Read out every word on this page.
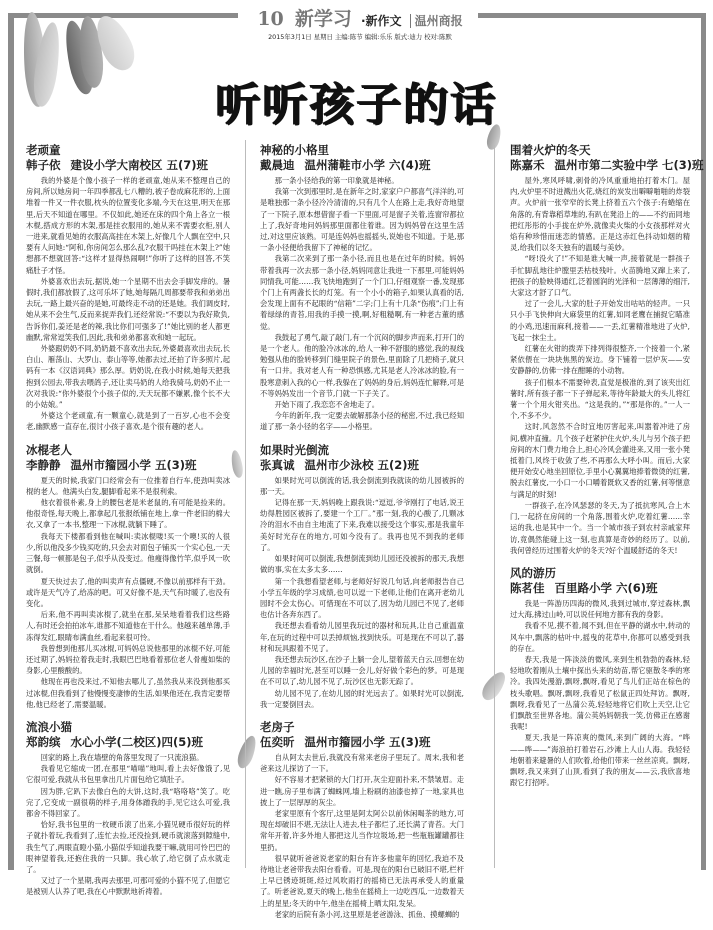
10 新学习 ·新作文 温州商报
2015年3月1日 星期日 主编:陈节 编辑:乐乐 版式:迪力 校对:陈默
听听孩子的话
老顽童
韩子依 建设小学大南校区 五(7)班

我的外婆是个像小孩子一样的老顽童,她从来不整理自己的房间,所以她房间一年四季都乱七八糟的,被子卷成麻花形的,上面堆着一件又一件衣服,枕头的位置变化多端,今天在这里,明天在那里,后天不知道在哪里。不仅如此,她还在床的四个角上各立一根木棍,搭成方形的木架,那是挂衣服用的,她从来不需要衣柜,别人一进来,就看见她的衣服高高挂在木架上,好像几个人飘在空中,只要有人问她:“阿和,你房间怎么那么乱?衣服干吗挂在木架上?”她想都不想就回答:“这样才显得热闹啊!”你听了这样的回答,不笑痛肚子才怪。

外婆喜欢出去玩,据说,她一个星期不出去会手脚发痒的。暑假时,我们都放假了,这可乐坏了她,她每隔几周都要带我和弟弟出去玩,一路上最兴奋的是她,可最终走不动的还是她。我们调皮时,她从来不会生气,反而来捉弄我们,还经常说:“不要以为我好欺负,告诉你们,姜还是老的辣,我比你们可强多了!”她比别的老人都更幽默,常常逗笑我们,因此,我和弟弟都喜欢和她一起玩。

外婆跟奶奶不同,奶奶最不喜欢出去玩,外婆最喜欢出去玩,长白山、雁荡山、大罗山、泰山等等,她都去过,还拍了许多照片,起码有一本《汉语词典》那么厚。奶奶说,在我小时候,她每天把我抱到公园去,带我去喂鸽子,还让卖马奶的人给我骑马,奶奶不止一次对我说:“你外婆很个小孩子似的,天天玩都不嫌累,像个长不大的小姑娘。”

外婆这个老顽童,有一颗童心,就是到了一百岁,心也不会变老,幽默感一直存在,很讨小孩子喜欢,是个很有趣的老人。

冰棍老人
李静静 温州市籀园小学 五(3)班

夏天的时候,我家门口经常会有一位推着自行车,使劲叫卖冰棍的老人。他满头白发,腿脚看起来不是很利索。

他衣着很朴素,身上的腰包老是米老鼠的,有可能是捡来的。他很奇怪,每天晚上,都拿起几张报纸铺在地上,拿一件老旧的棉大衣,又拿了一本书,整理一下冰棍,就躺下睡了。

我每天下楼都看到他在喊叫:卖冰棍喽!买一个噢!买的人很少,所以他没多少钱买吃的,只会去对面包子铺买一个实心包,一天三餐,每一顿都是包子,似乎从没变过。他瘦得像竹竿,似乎风一吹就倒。

夏天快过去了,他的叫卖声有点僵硬,不像以前那样有干劲。或许是天气冷了,给冻的吧。可又好像不是,天气有时暖了,也没有变化。

后来,他不再叫卖冰棍了,就坐在那,呆呆地看着我们这些路人,有时还会拍拍冰车,谁都不知道他在干什么。他越来越单薄,手冻得发红,眼睛布满血丝,看起来很可怜。

我曾想到他那儿买冰棍,可妈妈总说他那里的冰棍不好,可能还过期了,妈妈拉着我走时,我眼巴巴地看着那位老人骨瘦如柴的身影,心里酸酸的。

他现在再也没来过,不知他去哪儿了,虽然我从来没到他那买过冰棍,但我看到了他慢慢变凄惨的生活,如果他还在,我肯定要帮他,他已经老了,需要温暖。

流浪小猫
郑韵缤 水心小学(二校区)四(5)班

回家的路上,我在墙壁的角落里发现了一只流浪猫。

我看见它缩成一团,在那里“喵喵”地叫,看上去好像饿了,见它很可爱,我就从书包里拿出几片面包给它填肚子。

因为胖,它趴下去像白色的大饼,这时,我“咯咯咯”笑了。吃完了,它变成一副很萌的样子,用身体蹭我的手,见它这么可爱,我都舍不得回家了。

恰好,我书包里的一枚硬币滚了出来,小猫见硬币很好玩的样子就扑着玩,我看到了,连忙去捡,还没捡到,硬币就滚落到隙缝中,我生气了,两眼直瞪小猫,小猫似乎知道我要干嘛,就用可怜巴巴的眼神望着我,还抱住我的一只脚。我心软了,给它倒了点水就走了。

又过了一个星期,我再去那里,可那可爱的小猫不见了,但愿它是被别人认养了吧,我在心中默默地祈祷着。

神秘的小格里
戴晨迪 温州蒲鞋市小学 六(4)班

那一条小径给我的第一印象就是神秘。

我第一次到那里时,是在新年之时,家家户户都喜气洋洋的,可是唯独那一条小径冷冷清清的,只有几个人在路上走,我好奇地望了一下院子,原本想借窗子看一下里面,可是窗子关着,连窗帘都拉上了,我好奇地问妈妈那里面都住着谁。因为妈妈曾在这里生活过,对这里应该熟。可是连妈妈也摇摇头,说她也不知道。于是,那一条小径便给我留下了神秘的记忆。

我第二次来到了那一条小径,而且也是在过年的时候。妈妈带着我再一次去那一条小径,妈妈同意让我进一下那里,可能妈妈同情我,可能……我飞快地跑到了一个门口,仔细观察一番,发现那个门上有两盏长长的灯笼。有一个小小的箱子,如果认真看的话,会发现上面有不起眼的“信箱”二字;门上有十几条“伤痕”;门上有着绿绿的青苔,用我的手摸一摸,啊,好粗糙啊,有一种老古董的感觉。

我鼓起了勇气,敲了敲门,有一个沉闷的脚步声而来,打开门的是一个老人。他的脸冷冰冰的,给人一种不舒服的感觉,我的视线勉强从他的脸转移到门缝里院子的景色,里面除了几把椅子,就只有一口井。我对老人有一种恐惧感,尤其是老人冷冰冰的脸,有一股寒意刺入我的心一样,我躲在了妈妈的身后,妈妈连忙解释,可是不等妈妈发出一个音节,门就一下子关了。

开始下雨了,我恋恋不舍地走了。

今年的新年,我一定要去破解那条小径的秘密,不过,我已经知道了那一条小径的名字——小格里。

如果时光倒流
张真诚 温州市少泳校 五(2)班

如果时光可以倒流的话,我会倒流到我就读的幼儿园被拆的那一天。

记得在那一天,妈妈晚上跟我说:“逗逗,爷爷刚打了电话,说王幼得胜园区被拆了,要建一个工厂。”那一刻,我的心酸了,几颗冰冷的泪水不由自主地流了下来,我难以接受这个事实,那是我童年美好时光存在的地方,可如今没有了。我再也见不到我的老师了。

如果时间可以倒流,我想倒流到幼儿园还没被拆的那天,我想做的事,实在太多太多……

第一个我想看望老师,与老师好好说几句话,向老师报告自己小学五年级的学习成绩,也可以逗一下老师,让他们在离开老幼儿园时不会太伤心。可惜现在不可以了,因为幼儿园已不见了,老师也估计各奔东西了。

我还想去看看幼儿园里我玩过的器材和玩具,让自己重温童年,在玩的过程中可以丢掉烦恼,找到快乐。可是现在不可以了,器材和玩具跟着不见了。

我还想去玩沙区,在沙子上躺一会儿,望着蓝天白云,回想在幼儿园的幸福时光,甚至可以睡一会儿,好好做个彩色的梦。可是现在不可以了,幼儿园不见了,玩沙区也无影无踪了。

幼儿园不见了,在幼儿园的时光远去了。如果时光可以倒流,我一定要倒回去。

老房子
伍奕昕 温州市籀园小学 五(3)班

自从阿太去世后,我就没有常来老房子里玩了。周末,我和老爸来这儿探访了一下。

好不容易才把紧锁的大门打开,灰尘迎面扑来,不禁皱眉。走进一瞧,房子里布满了蜘蛛网,墙上粉刷的油漆也掉了一地,家具也披上了一层厚厚的灰尘。

老家里原有个客厅,这里是阿太阿公以前休闲喝茶的地方,可现在却破旧不堪,无法让人进去,柱子都烂了,还长满了青苔。大门常年开着,许多外地人都把这儿当作垃圾场,把一些瓶瓶罐罐都往里扔。

很早就听爸爸说老家的阳台有许多他童年的回忆,我迫不及待地让老爸带我去阳台看看。可是,现在的阳台已破旧不堪,栏杆上早已锈迹斑斑,经过风吹雨打的摇椅已无法再承受人的重量了。听老爸说,夏天的晚上,他坐在摇椅上一边吃西瓜,一边数着天上的星星;冬天的中午,他坐在摇椅上晒太阳,发呆。

老家的后院有条小河,这里原是老爸游泳、抓鱼、摸螺蛳的

围着火炉的冬天
陈嘉禾 温州市第二实验中学 七(3)班

屋外,寒风呼啸,刺骨的冷风重重地拍打着木门。屋内,火炉里不时迸溅出火花,烧红的炭发出噼噼啪啪的炸裂声。火炉前一张窄窄的长凳上挤着五六个孩子:有蜷缩在角落的,有背靠稻草堆的,有趴在凳沿上的——不约而同地把红彤彤的小手拢在炉外,就像卖火柴的小女孩那样对火焰有种珍惜而迷恋的情感。正是这赤红色抖动如烟的精灵,给我们以冬天独有的温暖与美妙。

“呀!没火了!”不知是谁大喊一声,接着就是一群孩子手忙脚乱地往炉膛里丢枯枝残叶。火苗腾地又蹿上来了,把孩子的脸映得通红,泛着圆润的光泽和一层薄薄的细汗,大家这才舒了口气。

过了一会儿,大家的肚子开始发出咕咕的轻声。一只只小手飞快伸向大麻袋里的红薯,如同老鹰在捕捉它瞄准的小鸡,迅速而麻利,接着——一丢,红薯精准地进了火炉,飞起一抹尘土。

红薯在火钳的拨弄下排列得很整齐,一个接着一个,紧紧依偎在一块块焦黑的炭边。身下铺着一层炉灰——安安静静的,仿佛一排在酣睡的小动物。

孩子们根本不需要钟表,直觉是极准的,到了该夹出红薯时,所有孩子都一下子弹起来,等待年龄最大的头儿将红薯一个个用火钳夹出。“这是我的。”“那是你的。”一人一个,不多不少。

这时,风忽然不合时宜地厉害起来,叫嚣着冲进了房间,横冲直撞。几个孩子赶紧护住火炉,头儿与另个孩子把房间的木门费力地合上,担心冷风会灌进来,又用一张小凳抵着门,风终于收敛了些,不再那么大呼小叫。而后,大家便开始安心地坐回原位,手里小心翼翼地捧着微烫的红薯,脱去红薯皮,一小口一小口嚼着既软又香的红薯,何等惬意与满足的时刻!

一群孩子,在冷风瑟瑟的冬天,为了抵抗寒风,合上木门,一起挤在房间的一个角落,围着火炉,吃着红薯……幸运的我,也是其中一个。当一个城市孩子到农村亲戚家拜访,竟偶然能碰上这一刻,也真算是奇妙的经历了。以前,我何曾经历过围着火炉的冬天?好个温暖舒适的冬天!

风的游历
陈茗佳 百里路小学 六(6)班

我是一阵游历四海的微风,我到过城市,穿过森林,飘过大海,拂过山岭,可以说任何地方都有我的身影。

我看不见,摸不着,闻不到,但在平静的湖水中,转动的风车中,飘落的枯叶中,摇曳的花草中,你都可以感受到我的存在。

春天,我是一阵淡淡的微风,来到生机勃勃的森林,轻轻地吹着刚从土壤中探出头来的幼苗,帮它驱散冬季的寒冷。我四处漫游,飘呀,飘呀,看见了鸟儿们正站在棕色的枝头歌唱。飘呀,飘呀,我看见了松鼠正四处拜访。飘呀,飘呀,我看见了一丛蒲公英,轻轻地将它们吹上天空,让它们飘散至世界各地。蒲公英妈妈朝我一笑,仿佛正在感谢我呢!

夏天,我是一阵凉爽的微风,来到广阔的大海。“哗——哗——”海浪拍打着岩石,沙滩上人山人海。我轻轻地朝着来避暑的人们吹着,给他们带来一丝丝凉爽。飘呀,飘呀,我又来到了山顶,看到了我的朋友——云,我欣喜地跟它打招呼。
